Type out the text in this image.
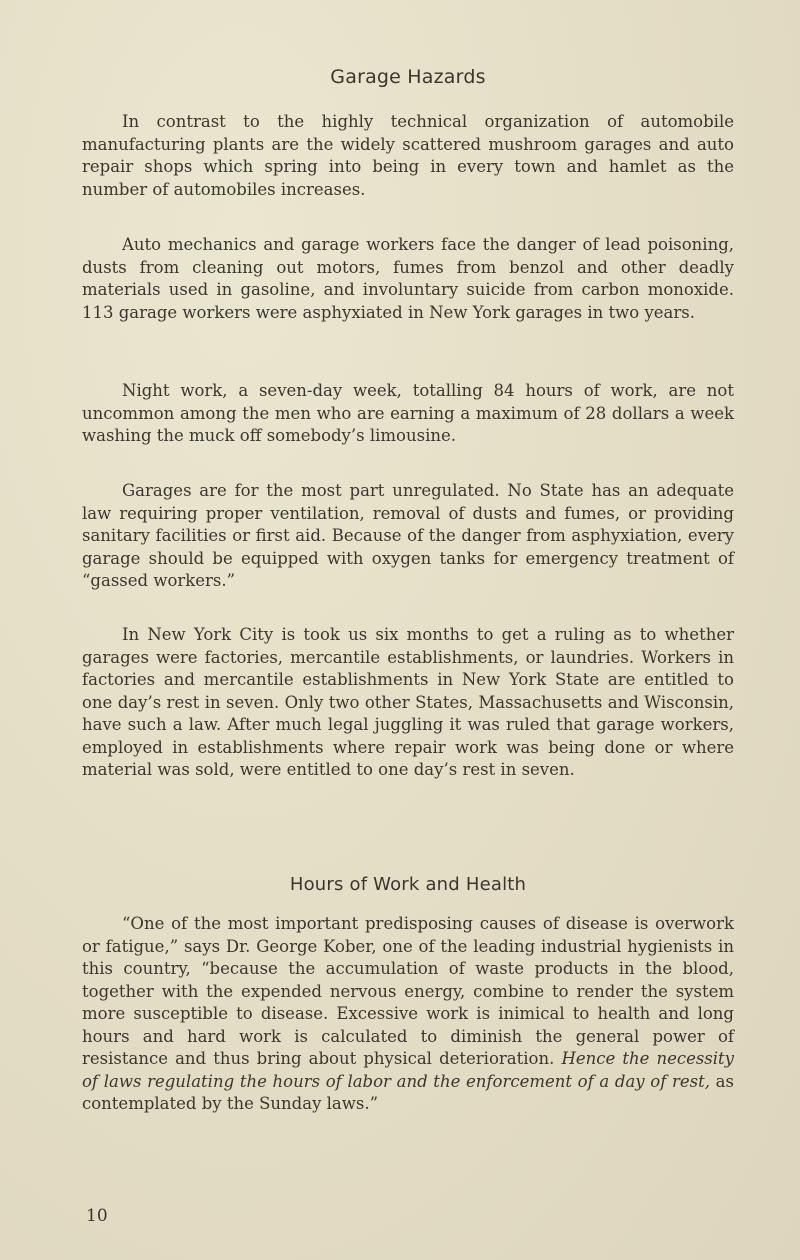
Garage Hazards

In contrast to the highly technical organization of automobile manufacturing plants are the widely scattered mushroom garages and auto repair shops which spring into being in every town and hamlet as the number of automobiles increases.

Auto mechanics and garage workers face the danger of lead poisoning, dusts from cleaning out motors, fumes from benzol and other deadly materials used in gasoline, and involuntary suicide from carbon monoxide. 113 garage workers were asphyxiated in New York garages in two years.

Night work, a seven-day week, totalling 84 hours of work, are not uncommon among the men who are earning a maximum of 28 dollars a week washing the muck off somebody’s limousine.

Garages are for the most part unregulated. No State has an adequate law requiring proper ventilation, removal of dusts and fumes, or providing sanitary facilities or first aid. Because of the danger from asphyxiation, every garage should be equipped with oxygen tanks for emergency treatment of “gassed workers.”

In New York City is took us six months to get a ruling as to whether garages were factories, mercantile establishments, or laundries. Workers in factories and mercantile establishments in New York State are entitled to one day’s rest in seven. Only two other States, Massachusetts and Wisconsin, have such a law. After much legal juggling it was ruled that garage workers, employed in establishments where repair work was being done or where material was sold, were entitled to one day’s rest in seven.

Hours of Work and Health

“One of the most important predisposing causes of disease is overwork or fatigue,” says Dr. George Kober, one of the leading industrial hygienists in this country, “because the accumulation of waste products in the blood, together with the expended nervous energy, combine to render the system more susceptible to disease. Excessive work is inimical to health and long hours and hard work is calculated to diminish the general power of resistance and thus bring about physical deterioration. Hence the necessity of laws regulating the hours of labor and the enforcement of a day of rest, as contemplated by the Sunday laws.”

10
